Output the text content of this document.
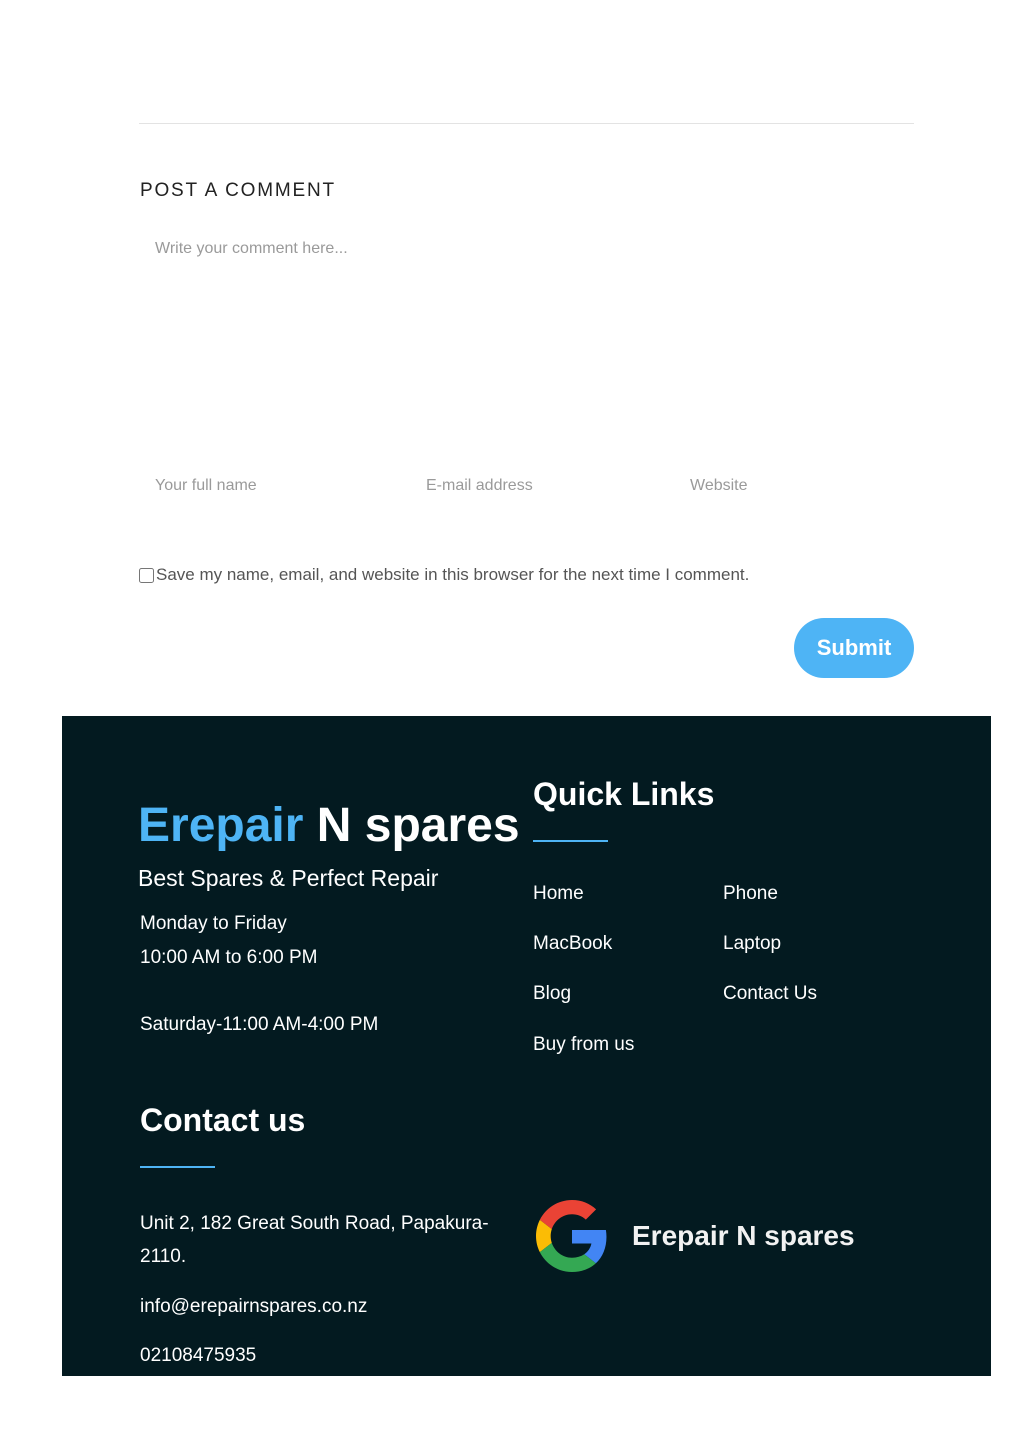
POST A COMMENT
Write your comment here...
Your full name
E-mail address
Website
Save my name, email, and website in this browser for the next time I comment.
Submit
Erepair N spares
Best Spares & Perfect Repair
Monday to Friday
10:00 AM to 6:00 PM
Saturday-11:00 AM-4:00 PM
Quick Links
Home	Phone
MacBook	Laptop
Blog	Contact Us
Buy from us
Contact us
Unit 2, 182 Great South Road, Papakura-2110.
info@erepairnspares.co.nz
02108475935
Erepair N spares
